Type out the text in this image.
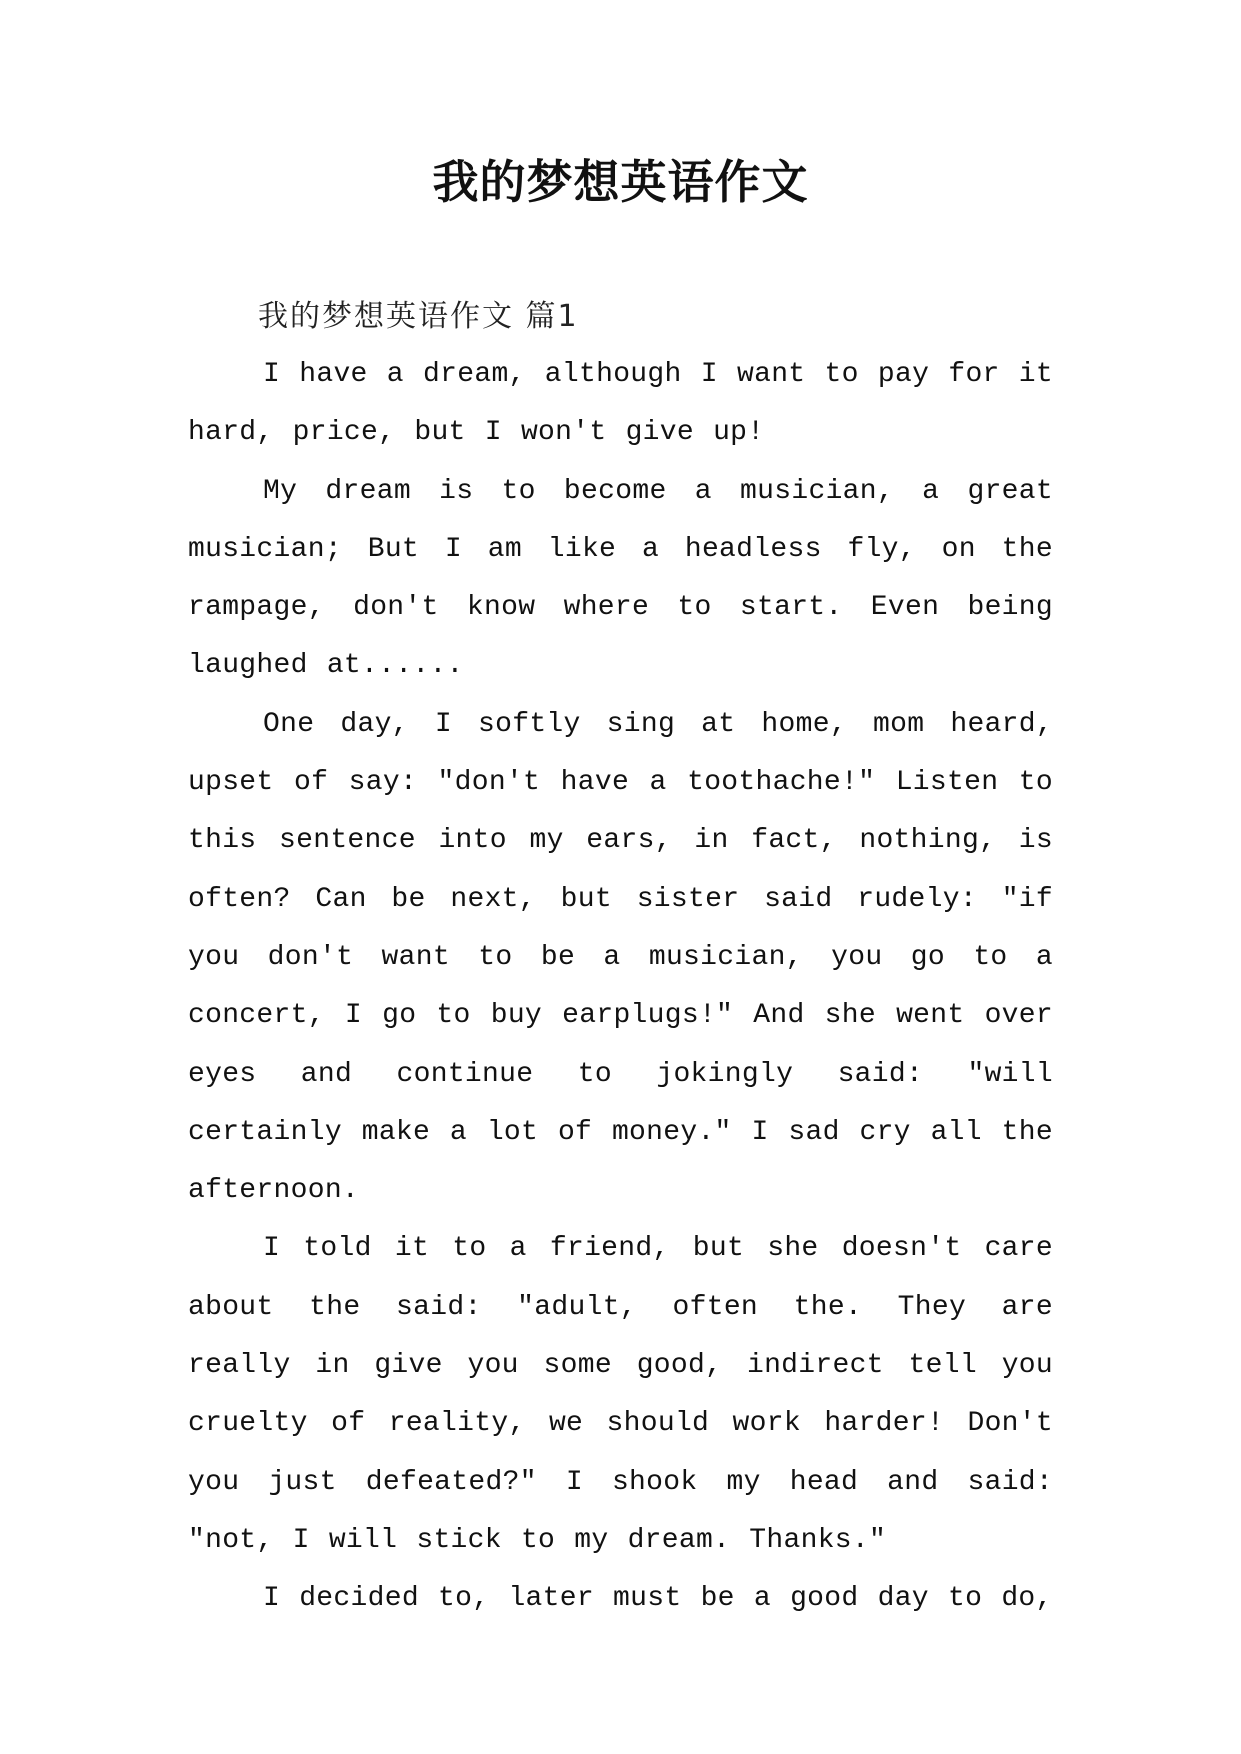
我的梦想英语作文

我的梦想英语作文 篇1

I have a dream, although I want to pay for it hard, price, but I won't give up!

My dream is to become a musician, a great musician; But I am like a headless fly, on the rampage, don't know where to start. Even being laughed at......

One day, I softly sing at home, mom heard, upset of say: "don't have a toothache!" Listen to this sentence into my ears, in fact, nothing, is often? Can be next, but sister said rudely: "if you don't want to be a musician, you go to a concert, I go to buy earplugs!" And she went over eyes and continue to jokingly said: "will certainly make a lot of money." I sad cry all the afternoon.

I told it to a friend, but she doesn't care about the said: "adult, often the. They are really in give you some good, indirect tell you cruelty of reality, we should work harder! Don't you just defeated?" I shook my head and said: "not, I will stick to my dream. Thanks."

I decided to, later must be a good day to do,
